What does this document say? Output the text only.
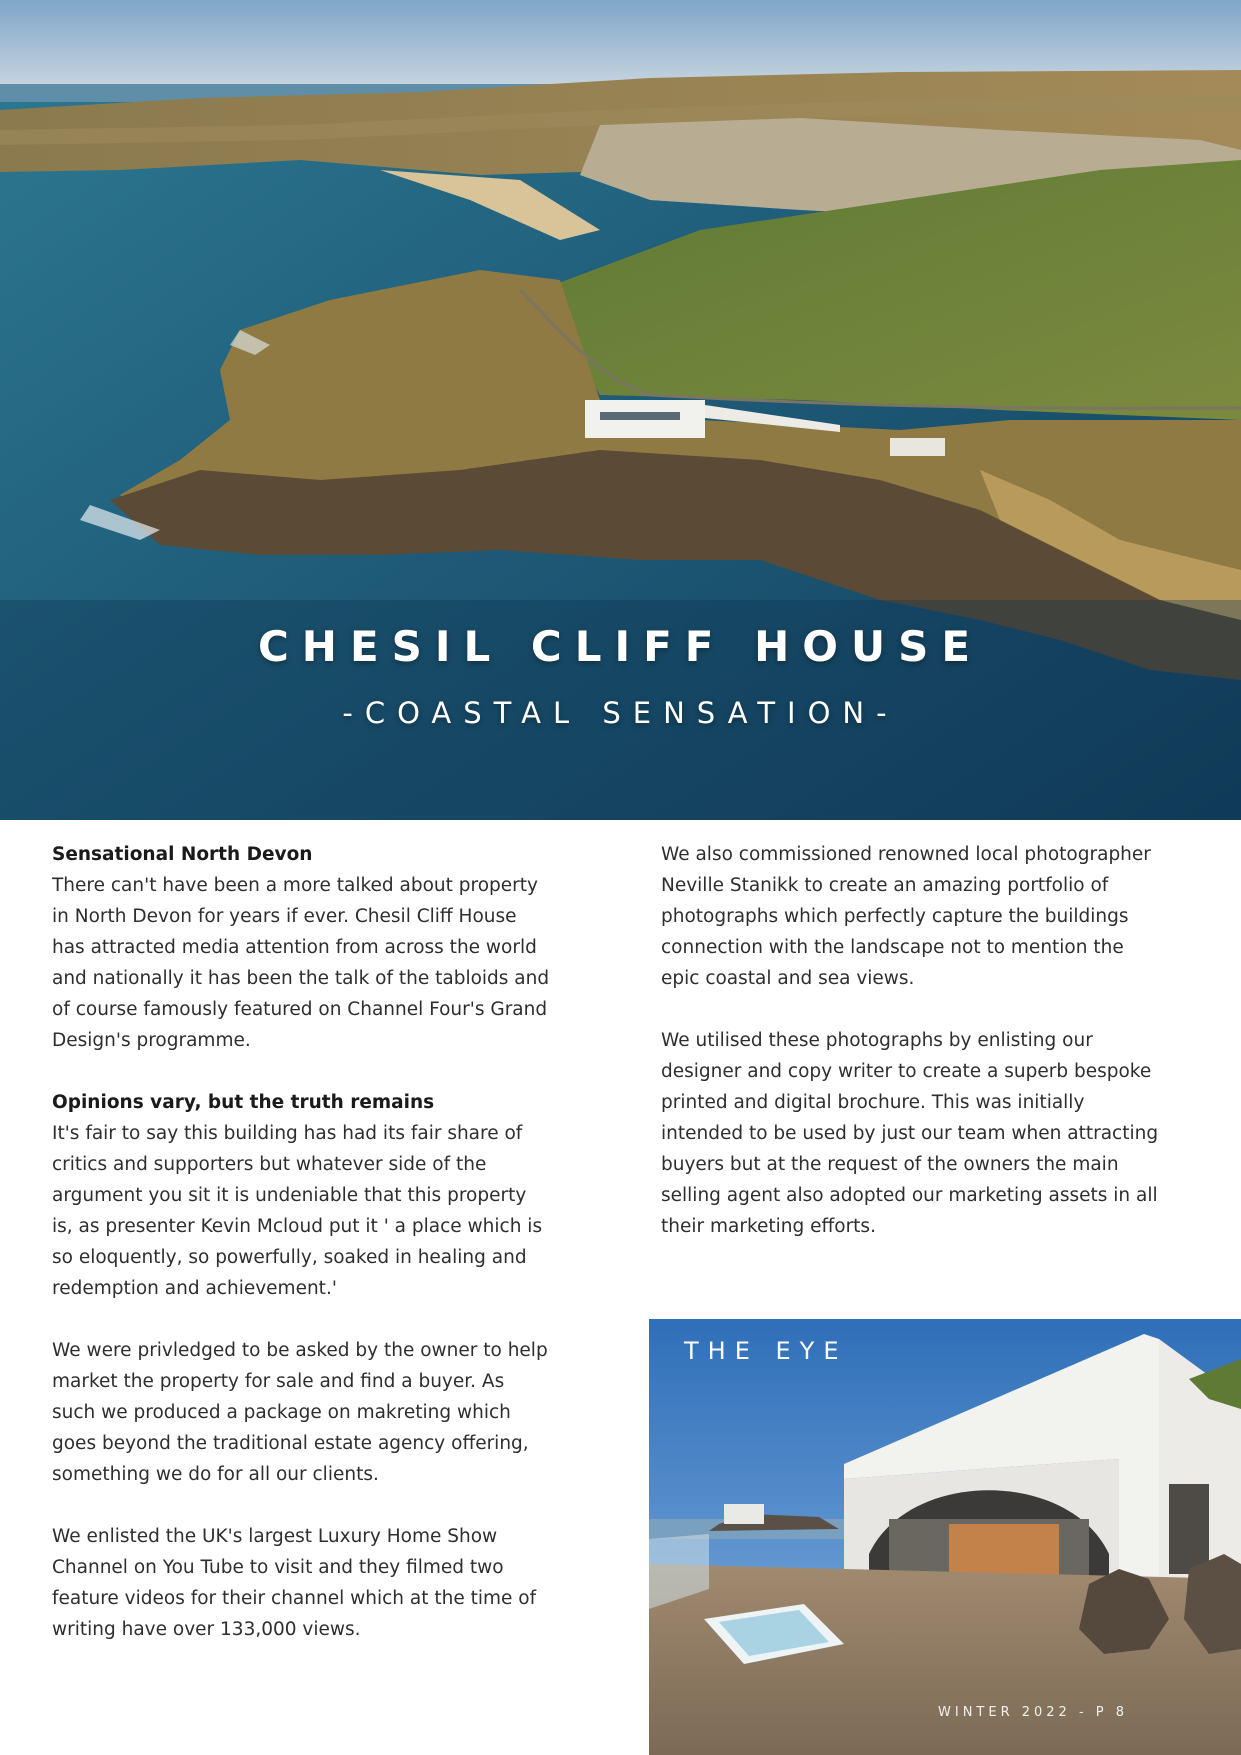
CHESIL CLIFF HOUSE
-COASTAL SENSATION-
Sensational North Devon

There can't have been a more talked about property in North Devon for years if ever. Chesil Cliff House has attracted media attention from across the world and nationally it has been the talk of the tabloids and of course famously featured on Channel Four's Grand Design's programme.

Opinions vary, but the truth remains

It's fair to say this building has had its fair share of critics and supporters but whatever side of the argument you sit it is undeniable that this property is, as presenter Kevin Mcloud put it ' a place which is so eloquently, so powerfully, soaked in healing and redemption and achievement.'

We were privledged to be asked by the owner to help market the property for sale and find a buyer. As such we produced a package on makreting which goes beyond the traditional estate agency offering, something we do for all our clients.

We enlisted the UK's largest Luxury Home Show Channel on You Tube to visit and they filmed two feature videos for their channel which at the time of writing have over 133,000 views.

We also commissioned renowned local photographer Neville Stanikk to create an amazing portfolio of photographs which perfectly capture the buildings connection with the landscape not to mention the epic coastal and sea views.

We utilised these photographs by enlisting our designer and copy writer to create a superb bespoke printed and digital brochure. This was initially intended to be used by just our team when attracting buyers but at the request of the owners the main selling agent also adopted our marketing assets in all their marketing efforts.

THE EYE
WINTER 2022 - P 8
